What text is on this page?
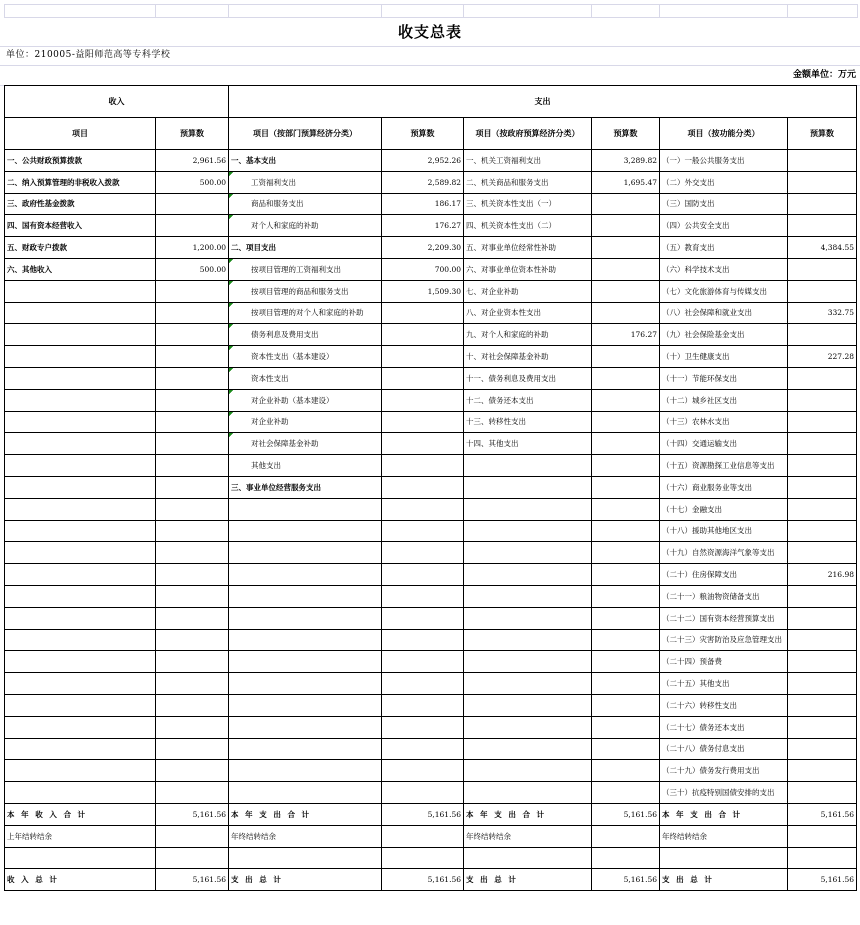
收支总表
单位：210005-益阳师范高等专科学校
金额单位：万元
收入		支出					
项目	预算数	项目（按部门预算经济分类）	预算数	项目（按政府预算经济分类）	预算数	项目（按功能分类）	预算数
一、公共财政预算拨款	2,961.56	一、基本支出	2,952.26	一、机关工资福利支出	3,289.82	（一）一般公共服务支出	
二、纳入预算管理的非税收入拨款	500.00	工资福利支出	2,589.82	二、机关商品和服务支出	1,695.47	（二）外交支出	
三、政府性基金拨款		商品和服务支出	186.17	三、机关资本性支出（一）		（三）国防支出	
四、国有资本经营收入		对个人和家庭的补助	176.27	四、机关资本性支出（二）		（四）公共安全支出	
五、财政专户拨款	1,200.00	二、项目支出	2,209.30	五、对事业单位经常性补助		（五）教育支出	4,384.55
六、其他收入	500.00	按项目管理的工资福利支出	700.00	六、对事业单位资本性补助		（六）科学技术支出	
		按项目管理的商品和服务支出	1,509.30	七、对企业补助		（七）文化旅游体育与传媒支出	
		按项目管理的对个人和家庭的补助		八、对企业资本性支出		（八）社会保障和就业支出	332.75
		债务利息及费用支出		九、对个人和家庭的补助	176.27	（九）社会保险基金支出	
		资本性支出（基本建设）		十、对社会保障基金补助		（十）卫生健康支出	227.28
		资本性支出		十一、债务利息及费用支出		（十一）节能环保支出	
		对企业补助（基本建设）		十二、债务还本支出		（十二）城乡社区支出	
		对企业补助		十三、转移性支出		（十三）农林水支出	
		对社会保障基金补助		十四、其他支出		（十四）交通运输支出	
		其他支出				（十五）资源勘探工业信息等支出	
		三、事业单位经营服务支出				（十六）商业服务业等支出	
						（十七）金融支出	
						（十八）援助其他地区支出	
						（十九）自然资源海洋气象等支出	
						（二十）住房保障支出	216.98
						（二十一）粮油物资储备支出	
						（二十二）国有资本经营预算支出	
						（二十三）灾害防治及应急管理支出	
						（二十四）预备费	
						（二十五）其他支出	
						（二十六）转移性支出	
						（二十七）债务还本支出	
						（二十八）债务付息支出	
						（二十九）债务发行费用支出	
						（三十）抗疫特别国债安排的支出	
本 年 收 入 合 计	5,161.56	本 年 支 出 合 计	5,161.56	本 年 支 出 合 计	5,161.56	本 年 支 出 合 计	5,161.56
上年结转结余		年终结转结余		年终结转结余		年终结转结余	

收 入 总 计	5,161.56	支 出 总 计	5,161.56	支 出 总 计	5,161.56	支 出 总 计	5,161.56
